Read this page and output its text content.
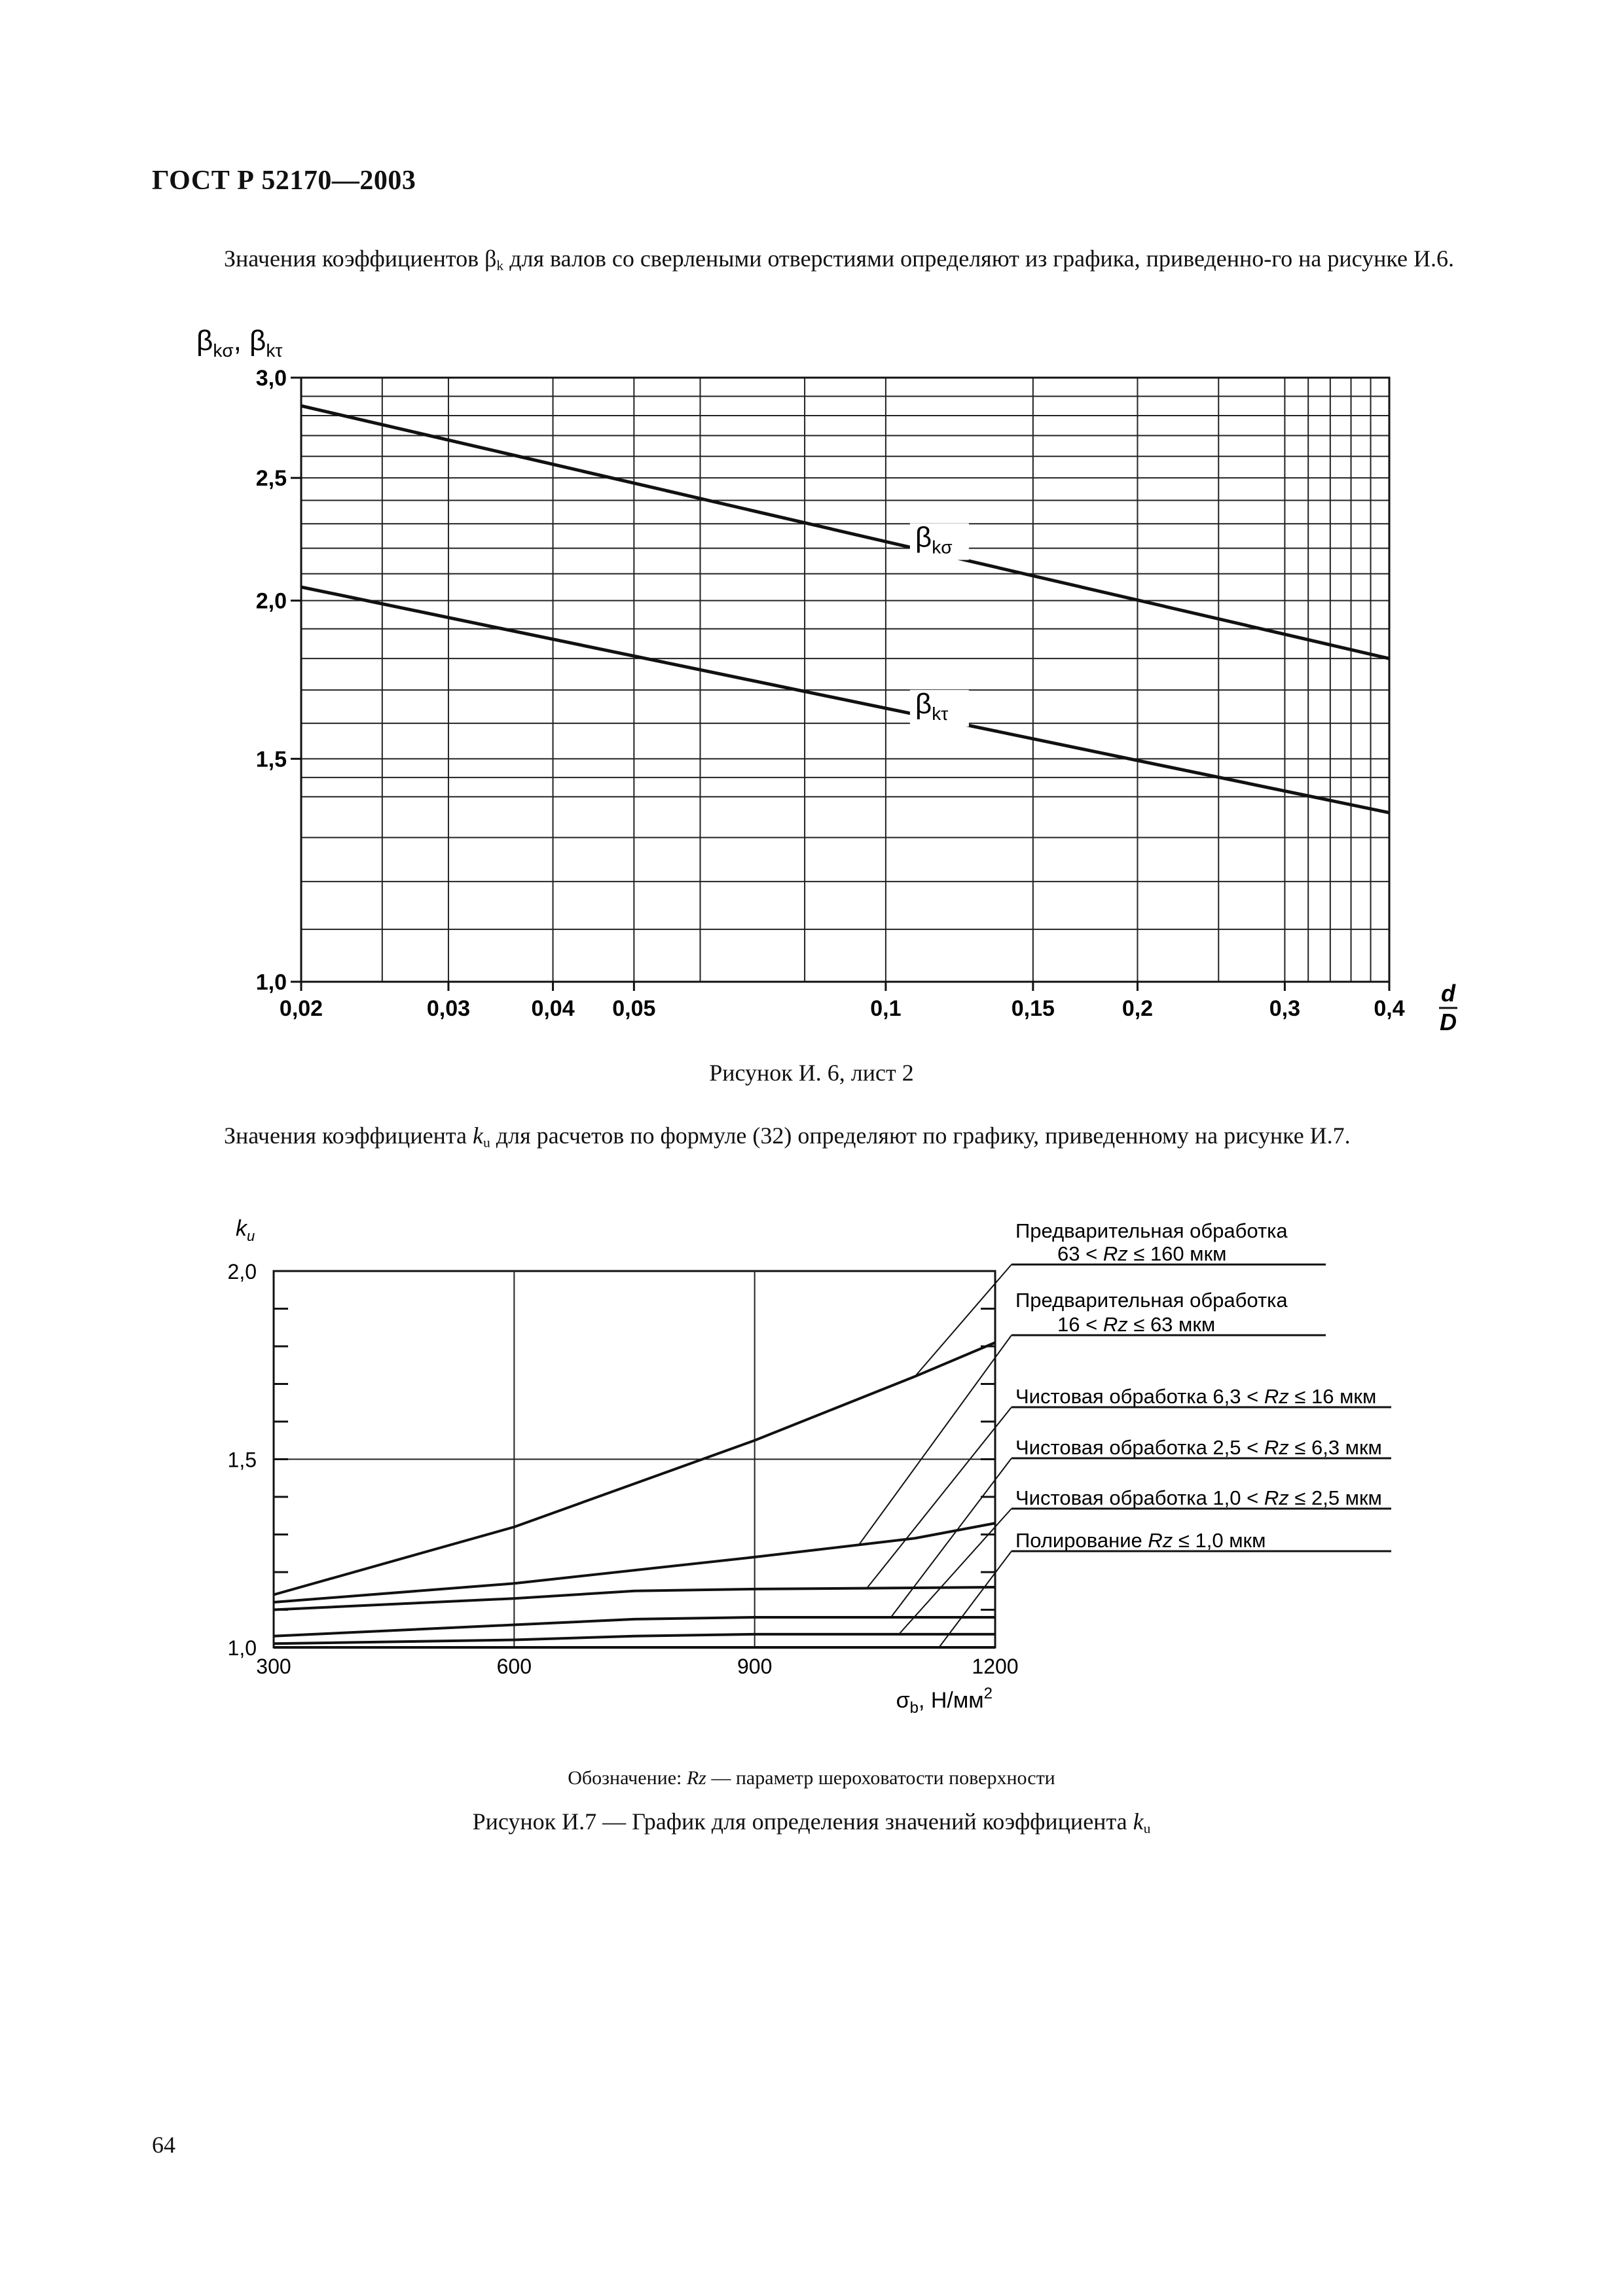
ГОСТ Р 52170—2003

Значения коэффициентов $\beta_k$ для валов со сверлеными отверстиями определяют из графика, приведенно-го на рисунке И.6.

1,0
1,5
2,0
2,5
3,0
0,02	0,03	0,04 0,05	0,1	0,15	0,2	0,3	0,4
$\beta_{k\sigma}$, $\beta_{k\tau}$
d
D
$\beta_{k\sigma}$
$\beta_{k\tau}$
Рисунок И. 6, лист 2

Значения коэффициента $k_u$ для расчетов по формуле (32) определяют по графику, приведенному на рисунке И.7.

1,0
1,5
2,0
300	600	900	1200
$k_u$
$\sigma_b$, $Н/мм^2$
Предварительная обработка
63 < Rz ≤ 160 мкм
Предварительная обработка
16 < Rz ≤ 63 мкм
Чистовая обработка 6,3 < Rz ≤ 16 мкм
Чистовая обработка 2,5 < Rz ≤ 6,3 мкм
Чистовая обработка 1,0 < Rz ≤ 2,5 мкм
Полирование Rz ≤ 1,0 мкм
Обозначение: Rz — параметр шероховатости поверхности
Рисунок И.7 — График для определения значений коэффициента $k_u$
64
